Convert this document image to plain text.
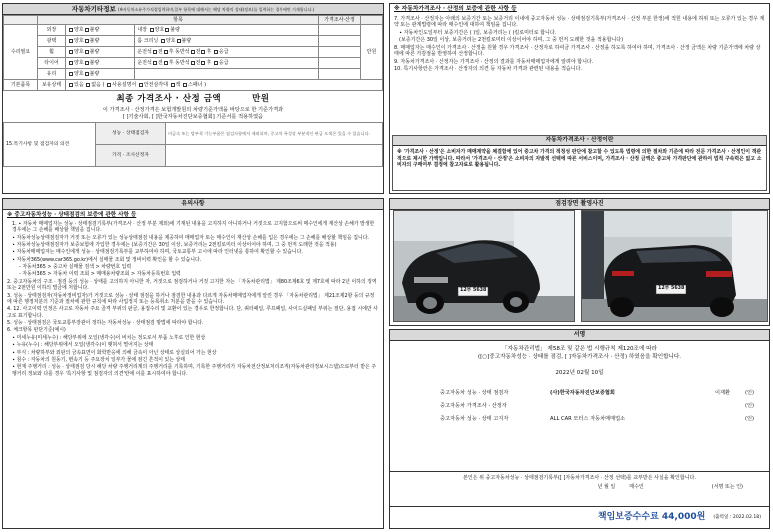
자동차기타정보 (※자동차소유주가직접입력하며,일부 항목에 대해서는 해당 차량의 상태(정보)를 입력하는 경우에만 기재합니다.)
	항목			가격조사·산정	
수리필요	외장	양호 불량	내장 양호 불량		만원
	광택	양호 불량	룸 크리닝 양호 불량		
	휠	양호 불량	운전석 전 후 동반석 전 후 응급		
	타이어	양호 불량	운전석 전 후 동반석 전 후 응급		
	유리	양호 불량			
기본품목	보유상태	있음 없음 ( 사용설명서 안전삼각대 잭 스패너 )			
최종 가격조사 · 산정 금액	만원
이 가격조사 · 산정가격은 보험개발원의 차량기준가액을 바탕으로 한 기준가격과
[ ]기술사회, [ ]한국자동차진단보증협회] 기준서를 적용하였음
15.특기사항 및 점검자의 의견	성능 · 상태점검자	비금속 또는 탈부착 가능부품은 점검사항에서 제외되며, 중고차 특성상 부분적인 판금 도색은 있을 수 있습니다.
	가격 · 조사산정자	
유의사항

※ 중고자동차성능 · 상태점검의 보증에 관한 사항 등

1. ∙ 자동차 매매업자는 성능 · 상태점검기록부(가격조사 · 산정 부분 제외)에 기재된 내용을 고지하지 아니하거나 거짓으로 고지함으로써 매수인에게 재산상 손해가 발생한 경우에는 그 손해를 배상할 책임을 집니다.

∙ 자동차성능상태점검자가 거짓 또는 오류가 있는 성능상태점검 내용을 제공하여 매매업자 또는 매수인이 재산상 손해를 입은 경우에는 그 손해를 배상할 책임을 집니다.

∙ 자동차성능상태점검자가 보증보험에 가입한 경우에는 (보증기간은 30일 이상, 보증거리는 2천킬로미터 이상이어야 하며, 그 중 먼저 도래한 것을 적용)

∙ 자동차매매업자는 매수인에게 성능 · 상태점검기록부를 교부하여야 하며, 국토교통부 고시에 따라 인터넷을 통하여 확인할 수 있습니다.

∙ 자동차365(www.car365.go.kr)에서 실매물 조회 및 정비이력 확인을 할 수 있습니다.

- 자동차365 > 중고차 실매물 검색 > 차량번호 입력

- 자동차365 > 자동차 이력 조회 > 매매용차량조회 > 자동차등록번호 입력

2. 중고자동차의 구조 · 점검 등의 성능 · 상태를 고의하지 아니한 자, 거짓으로 점검하거나 거짓 고지한 자는 「자동차관리법」 제80조제6호 및 제7호에 따라 2년 이하의 징역 또는 2천만원 이하의 벌금에 처합니다.

3. 성능 · 상태점검자(자동차정비업자)가 거짓으로 성능 · 상태 점검을 하거나 점검한 내용과 다르게 자동차매매업자에게 알린 경우 「자동차관리법」 제21조제2항 등의 규정에 따른 행정처분의 기준과 절차에 관한 규칙에 따라 사업정지 또는 등록취소 처분을 받을 수 있습니다.

4. 12. 사고이력 인정은 사고로 자동차 주요 골격 부위의 판금, 용접수리 및 교환이 있는 경우로 한정합니다. 단, 쿼터패널, 루프패널, 사이드실패널 부위는 절단, 용접 시에만 사고로 표기합니다.

5. 성능 · 상태점검은 국토교통부장관이 정하는 자동차성능 · 상태점검 방법에 따라야 합니다.

6. 체크항목 판단기준(예시)

∙ 미세누유(미세누수) : 해당부위에 오일(냉각수)이 비치는 정도로서 부품 노후로 인한 현상

∙ 누유(누수) : 해당부위에서 오일(냉각수)이 맺혀서 떨어지는 상태

∙ 부식 : 차량하부와 외판의 금속표면이 화학반응에 의해 금속이 아닌 상태로 상실되어 가는 현상

∙ 침수 : 자동차의 원동기, 변속기 등 주요장치 일부가 물에 잠긴 흔적이 있는 상태

∙ 현재 주행거리 : 성능 · 상태점검 당시 해당 차량 주행거리계의 주행거리를 기록하며, 기록한 주행거리가 자동차전산정보처리조직(자동차관리정보시스템)으로부터 받은 주행거리 정보와 다를 경우 '특기사항 및 점검자의 의견'란에 이를 표시하여야 합니다.

※ 자동차가격조사 · 산정의 보증에 관한 사항 등

7. 가격조사 · 산정자는 아래의 보증기간 또는 보증거리 이내에 중고자동차 성능 · 상태점검기록부(가격조사 · 산정 부분 한정)에 적힌 내용에 허위 또는 오류가 있는 경우 계약 또는 관계법령에 따라 매수인에 대하여 책임을 집니다.

∙ 자동차인도일부터 보증기간은 ( )일, 보증거리는 ( )킬로미터로 합니다.

(보증기간은 30일 이상, 보증거리는 2천킬로미터 이상이어야 하며, 그 중 먼저 도래한 것을 적용합니다)

8. 매매업자는 매수인이 가격조사 · 산정을 원할 경우 가격조사 · 산정자로 하여금 가격조사 · 산정을 하도록 하여야 하며, 가격조사 · 산정 금액은 차량 기준가액에 차량 상태에 따른 가감점을 반영하여 산정합니다.

9. 자동차가격조사 · 산정자는 가격조사 · 산정의 결과를 자동차매매업자에게 알려야 합니다.

10. 특기사항란은 가격조사 · 산정자의 의견 등 자동차 가격과 관련된 내용을 적습니다.

자동차가격조사 · 산정이란
※ '가격조사 · 산정'은 소비자가 매매계약을 체결함에 있어 중고차 가격의 적정성 판단에 참고할 수 있도록 법령에 의한 절차와 기준에 따라 전문 가격조사 · 산정인이 객관적으로 제시한 가액입니다. 따라서 '가격조사 · 산정'은 소비자의 자발적 선택에 따른 서비스이며, 가격조사 · 산정 금액은 중고차 가격판단에 관하여 법적 구속력은 없고 소비자의 구매여부 결정에 참고자료로 활용됩니다.
점검장면 촬영사진
12부 5638	12부 5638
서명
「자동차관리법」 제58조 및 같은 법 시행규칙 제120조에 따라
([○]중고자동차성능 · 상태를 점검, [ ]자동차가격조사 · 산정) 하였음을 확인합니다.
2022년 02월 10일
중고자동차 성능 · 상태 점검자	(사)한국자동차진단보증협회	이재환	(인)
중고자동차 가격조사 · 산정자	(인)
중고자동차 성능 · 상태 고지자	ALL CAR 모터스 자동차매매업소	(인)
본인은 위 중고자동차성능 · 상태점검기록부([ ]자동차가격조사 · 산정 선택)를 교부받은 사실을 확인합니다.
년 월 일	매수인	(서명 또는 인)
책임보증수수료 44,000원 (출력일 : 2022.02.18)
